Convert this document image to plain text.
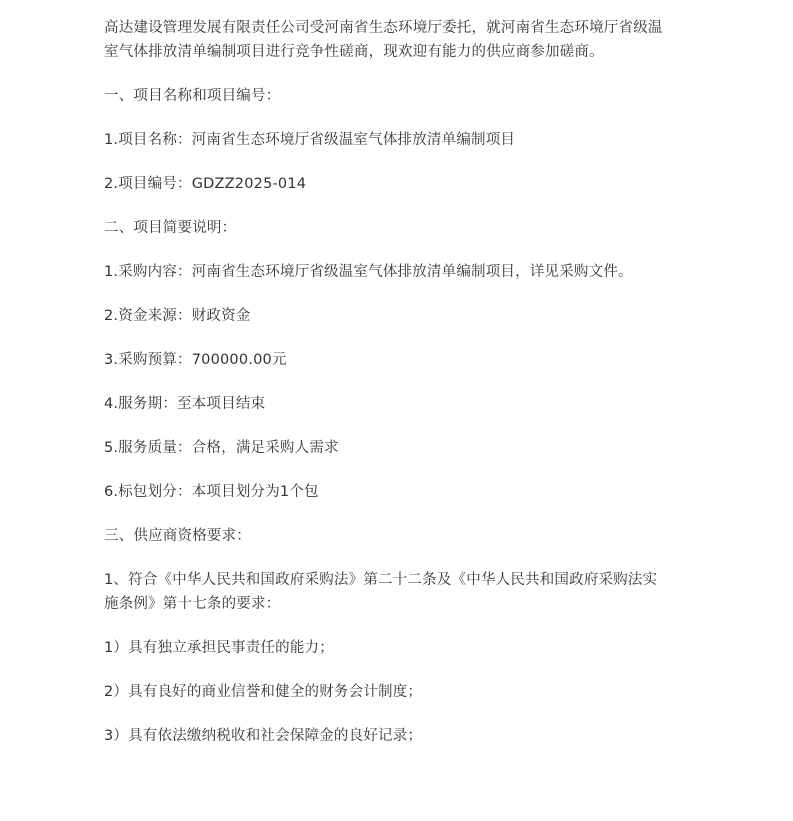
高达建设管理发展有限责任公司受河南省生态环境厅委托，就河南省生态环境厅省级温
室气体排放清单编制项目进行竞争性磋商，现欢迎有能力的供应商参加磋商。

一、项目名称和项目编号：

1.项目名称：河南省生态环境厅省级温室气体排放清单编制项目

2.项目编号：GDZZ2025-014

二、项目简要说明：

1.采购内容：河南省生态环境厅省级温室气体排放清单编制项目，详见采购文件。

2.资金来源：财政资金

3.采购预算：700000.00元

4.服务期：至本项目结束

5.服务质量：合格，满足采购人需求

6.标包划分：本项目划分为1个包

三、供应商资格要求：

1、符合《中华人民共和国政府采购法》第二十二条及《中华人民共和国政府采购法实
施条例》第十七条的要求：

1）具有独立承担民事责任的能力；

2）具有良好的商业信誉和健全的财务会计制度；

3）具有依法缴纳税收和社会保障金的良好记录；
